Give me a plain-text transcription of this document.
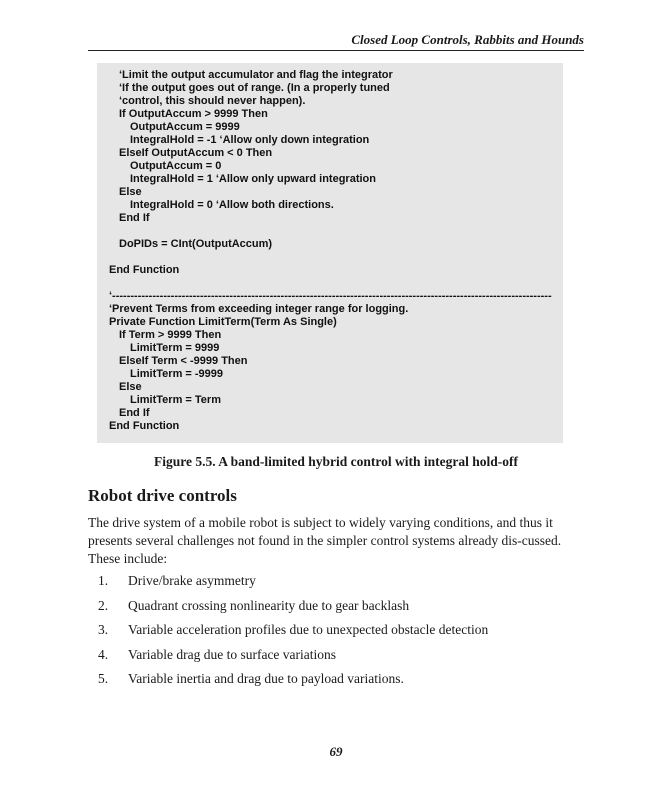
Closed Loop Controls, Rabbits and Hounds
‘Limit the output accumulator and flag the integrator
‘If the output goes out of range. (In a properly tuned
‘control, this should never happen).
If OutputAccum > 9999 Then
OutputAccum = 9999
IntegralHold = -1 ‘Allow only down integration
ElseIf OutputAccum < 0 Then
OutputAccum = 0
IntegralHold = 1 ‘Allow only upward integration
Else
IntegralHold = 0 ‘Allow both directions.
End If
DoPIDs = CInt(OutputAccum)
End Function
‘------------------------------------------------------------------------------------------------------------------------
‘Prevent Terms from exceeding integer range for logging.
Private Function LimitTerm(Term As Single)
If Term > 9999 Then
LimitTerm = 9999
ElseIf Term < -9999 Then
LimitTerm = -9999
Else
LimitTerm = Term
End If
End Function
Figure 5.5. A band-limited hybrid control with integral hold-off
Robot drive controls

The drive system of a mobile robot is subject to widely varying conditions, and thus it presents several challenges not found in the simpler control systems already dis-cussed. These include:

1.	Drive/brake asymmetry
2.	Quadrant crossing nonlinearity due to gear backlash
3.	Variable acceleration profiles due to unexpected obstacle detection
4.	Variable drag due to surface variations
5.	Variable inertia and drag due to payload variations.
69
